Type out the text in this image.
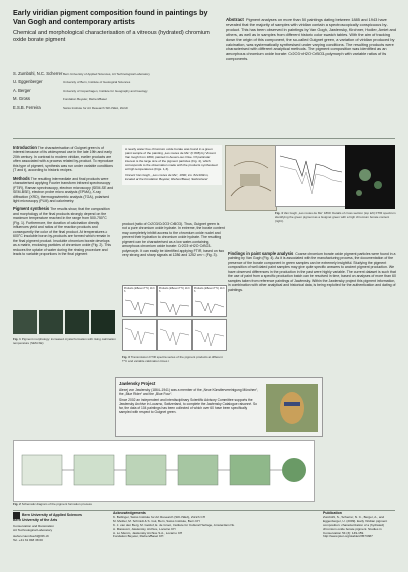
Early viridian pigment composition found in paintings by Van Gogh and contemporary artists
Chemical and morphological characterisation of a vitreous (hydrated) chromium oxide borate pigment
S. Zumbühl, N.C. Scherrer Bern University of Applied Sciences, Art Technological Laboratory
U. Eggenberger	University of Bern, Institute of Geological Sciences
A. Berger	University of Copenhagen, Institute for Geography and Geology
M. Gross	Fondation Beyeler, Riehen/Basel
E.S.B. Ferreira	Swiss Institute for Art Research SIK-ISEA, Zürich
Abstract Pigment analyses on more than 50 paintings dating between 1885 and 1943 have revealed that the majority of samples with viridian contain a spectroscopically conspicuous by-product. This has been observed in paintings by Van Gogh, Jawlensky, Kirchner, Hodler, Amiet and others, as well as in samples from different historic color swatch tables. With the aim of tracking down the origin of this component, the so-called Guignet green, a variation of viridian produced by calcination, was systematically synthesised under varying conditions. The resulting products were characterised with different analytical methods. The pigment composition was identified as an amorphous chromium oxide borate: Cr2O3·xH2O·CrBO3-polymorph with variable ratios of its components.

Introduction The characterisation of Guignet green is of interest because of its widespread use in the late 19th and early 20th century. In contrast to modern viridian, earlier products are often associated with a process related by-product. To reproduce this type of pigment, synthesis was run under variable conditions (T and t), according to historic recipes.

Methods The resulting intermediate and final products were characterised applying Fourier transform infrared spectroscopy (FTIR), Raman spectroscopy, electron microscopy (SEM-SE and SEM-BSE), electron probe micro analysis (EPMA), X-ray diffraction (XRD), thermogravimetric analysis (TGA), polarised light microscopy (PLM) and calorimetry.

Pigment synthesis The results show, that the composition and morphology of the final products strongly depend on the maximum temperature reached in the range from 500-750°C (Fig. 1). Furthermore, the duration of calcination directly influences yield and ratios of the reaction products and consequently the color of the final product. At temperatures ≥ 600°C insoluble boron by-products are formed which remain in the final pigment product. Insoluble chromium borate develops as a matrix, enclosing particles of chromium oxide (Fig. 2). This reduces the uptake of water during the rinsing procedure and leads to variable proportions in the final pigment

Fig. 1 Pigment morphology: increased crystal formation with rising calcination temperature (SEM-SE)
A nearly water free chromium oxide borate was found in a green paint sample of the painting „Les routes de Mé“ (F 808) by Vincent Van Gogh from 1890, painted in Auvers-sur-Oise. Of particular interest is the large size of the pigment particles (Fig. 4), which corresponds to the observation made with the products synthesised at high temperatures (Figs. 1,3).
Vincent Van Gogh, „Les routes de Mé“, 1890, inv. 82x100cm, located at the Fondation Beyeler, Riehen/Basel, Switzerland
Fig. 4 Van Gogh „Les routes de Mé“ 1890: Details of cross section (top left) FTIR spectrum identifying the green pigment as a Guignet green with a high chromium borate content (right).
product (ratio of Cr2O3/Cr2O3·CrBO3). Thus, Guignet green is not a pure chromium oxide hydrate. In extreme, the borate content may completely inhibit access to the chromium oxide nuclei and prevent their hydration to chromium oxide hydrate. The resulting pigment can be characterised as a low water-containing, amorphous chromium oxide borate: Cr2O3·xH2O·CrBO3-polymorph. It can easily be identified applying FTIR, based on two very strong and sharp signals at 1286 and 1252 cm⁻¹ (Fig. 3).
Products (different T°C) 10-3 h
Products (different T°C) 10-3 h
Products (different T°C) 10-3 h
Fig. 3 Transmission FTIR spectra series of the pigment products at different T°C and variable calcination times t
Findings in paint sample analysis Coarse chromium borate oxide pigment particles were found in a painting by Van Gogh (Fig. 4). As it is associated with the manufacturing process, the documentation of the presence of the borate component in green samples can be extremely insightful. Studying the pigment composition of well dated paint samples may give quite specific answers to ancient pigment production. We have observed differences in the production in the past were highly variable. The current dataset is such that the use of paint from a specific production batch can be resolved in time, based on analyses of more than 60 samples taken from reference paintings of Jawlensky. Within the Jawlensky project this pigment information, in combination with other analytical and historical data, is being exploited for the authentication and dating of paintings.
Jawlensky Project
Alexej von Jawlensky (1864–1941) was a member of the „Neue Künstlervereinigung München“, the „Blue Rider“ and the „Blue Four“.
Since 2002 an independent and interdisciplinary Scientific Advisory Committee supports the Jawlensky Archive in Locarno, Switzerland, to complete the Jawlensky Catalogue raisonné. So far, the data of 104 paintings has been collected of which over 60 have been specifically sampled with respect to Guignet green.
Fig. 2 Schematic diagram of the pigment formation process
Bern University of Applied Sciences
Bern University of the Arts
Conservation and Restoration
Art Technological Laboratory
stefan.zuumbuehl@bfh.ch
Tel. +41 31 848 38 00
Acknowledgements
K. Bellinger, Swiss Institute for Art Research (SIK-ISEA), Zürich CH
M. Mettler, M. Schmidt & S. Gut, Bern, Swiss Institute, Bern CH
K. J. van den Berg, M. Geldof, E. de Groot, Institute for Cultural Heritage, Amsterdam NL
A. Massucci, Jawlensky, Archive, Locarno CH
A. Lo Menzo, Jawlensky Archive S.A., Locarno CH
Fondation Beyeler, Riehen/Basel CH
Publication
Zumbühl, S., Scherrer, N. C., Berger, A., and Eggenberger, U. (2009). Early Viridian pigment composition: characterization of a (hydrated) chromium oxide borate pigment. Studies in Conservation 54 (3): 149-159.
http://www.jstor.org/stable/23573387
